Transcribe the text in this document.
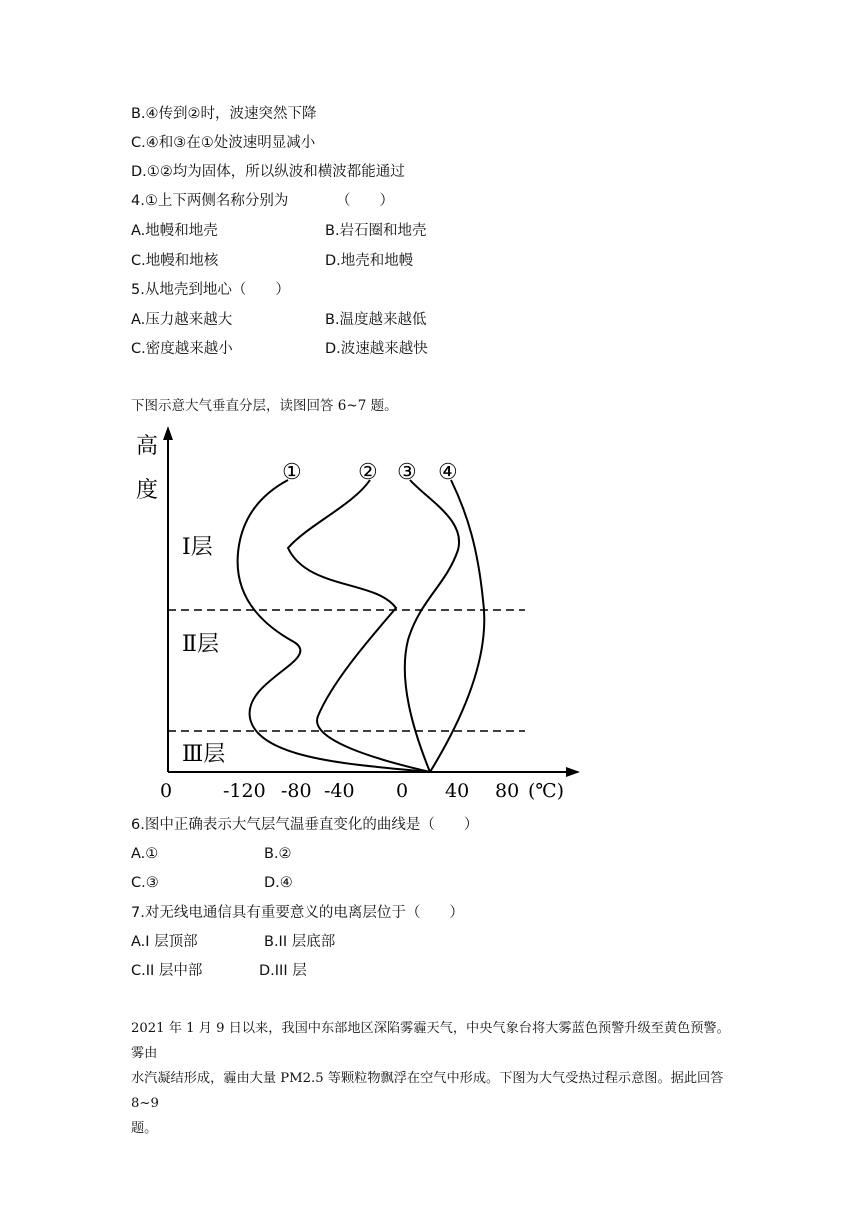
B.④传到②时，波速突然下降
C.④和③在①处波速明显减小
D.①②均为固体，所以纵波和横波都能通过
4.①上下两侧名称分别为	（　　）
A.地幔和地壳	B.岩石圈和地壳
C.地幔和地核	D.地壳和地幔
5.从地壳到地心（　　）
A.压力越来越大	B.温度越来越低
C.密度越来越小	D.波速越来越快
下图示意大气垂直分层，读图回答 6~7 题。
高
度
Ⅰ层
Ⅱ层
Ⅲ层
①	② ③ ④
0	-120 -80 -40 0 40 80 (℃)
6.图中正确表示大气层气温垂直变化的曲线是（　　）
A.①	B.②
C.③	D.④
7.对无线电通信具有重要意义的电离层位于（　　）
A.I 层顶部	B.II 层底部
C.II 层中部	D.III 层
2021 年 1 月 9 日以来，我国中东部地区深陷雾霾天气，中央气象台将大雾蓝色预警升级至黄色预警。雾由
水汽凝结形成，霾由大量 PM2.5 等颗粒物飘浮在空气中形成。下图为大气受热过程示意图。据此回答 8~9
题。
